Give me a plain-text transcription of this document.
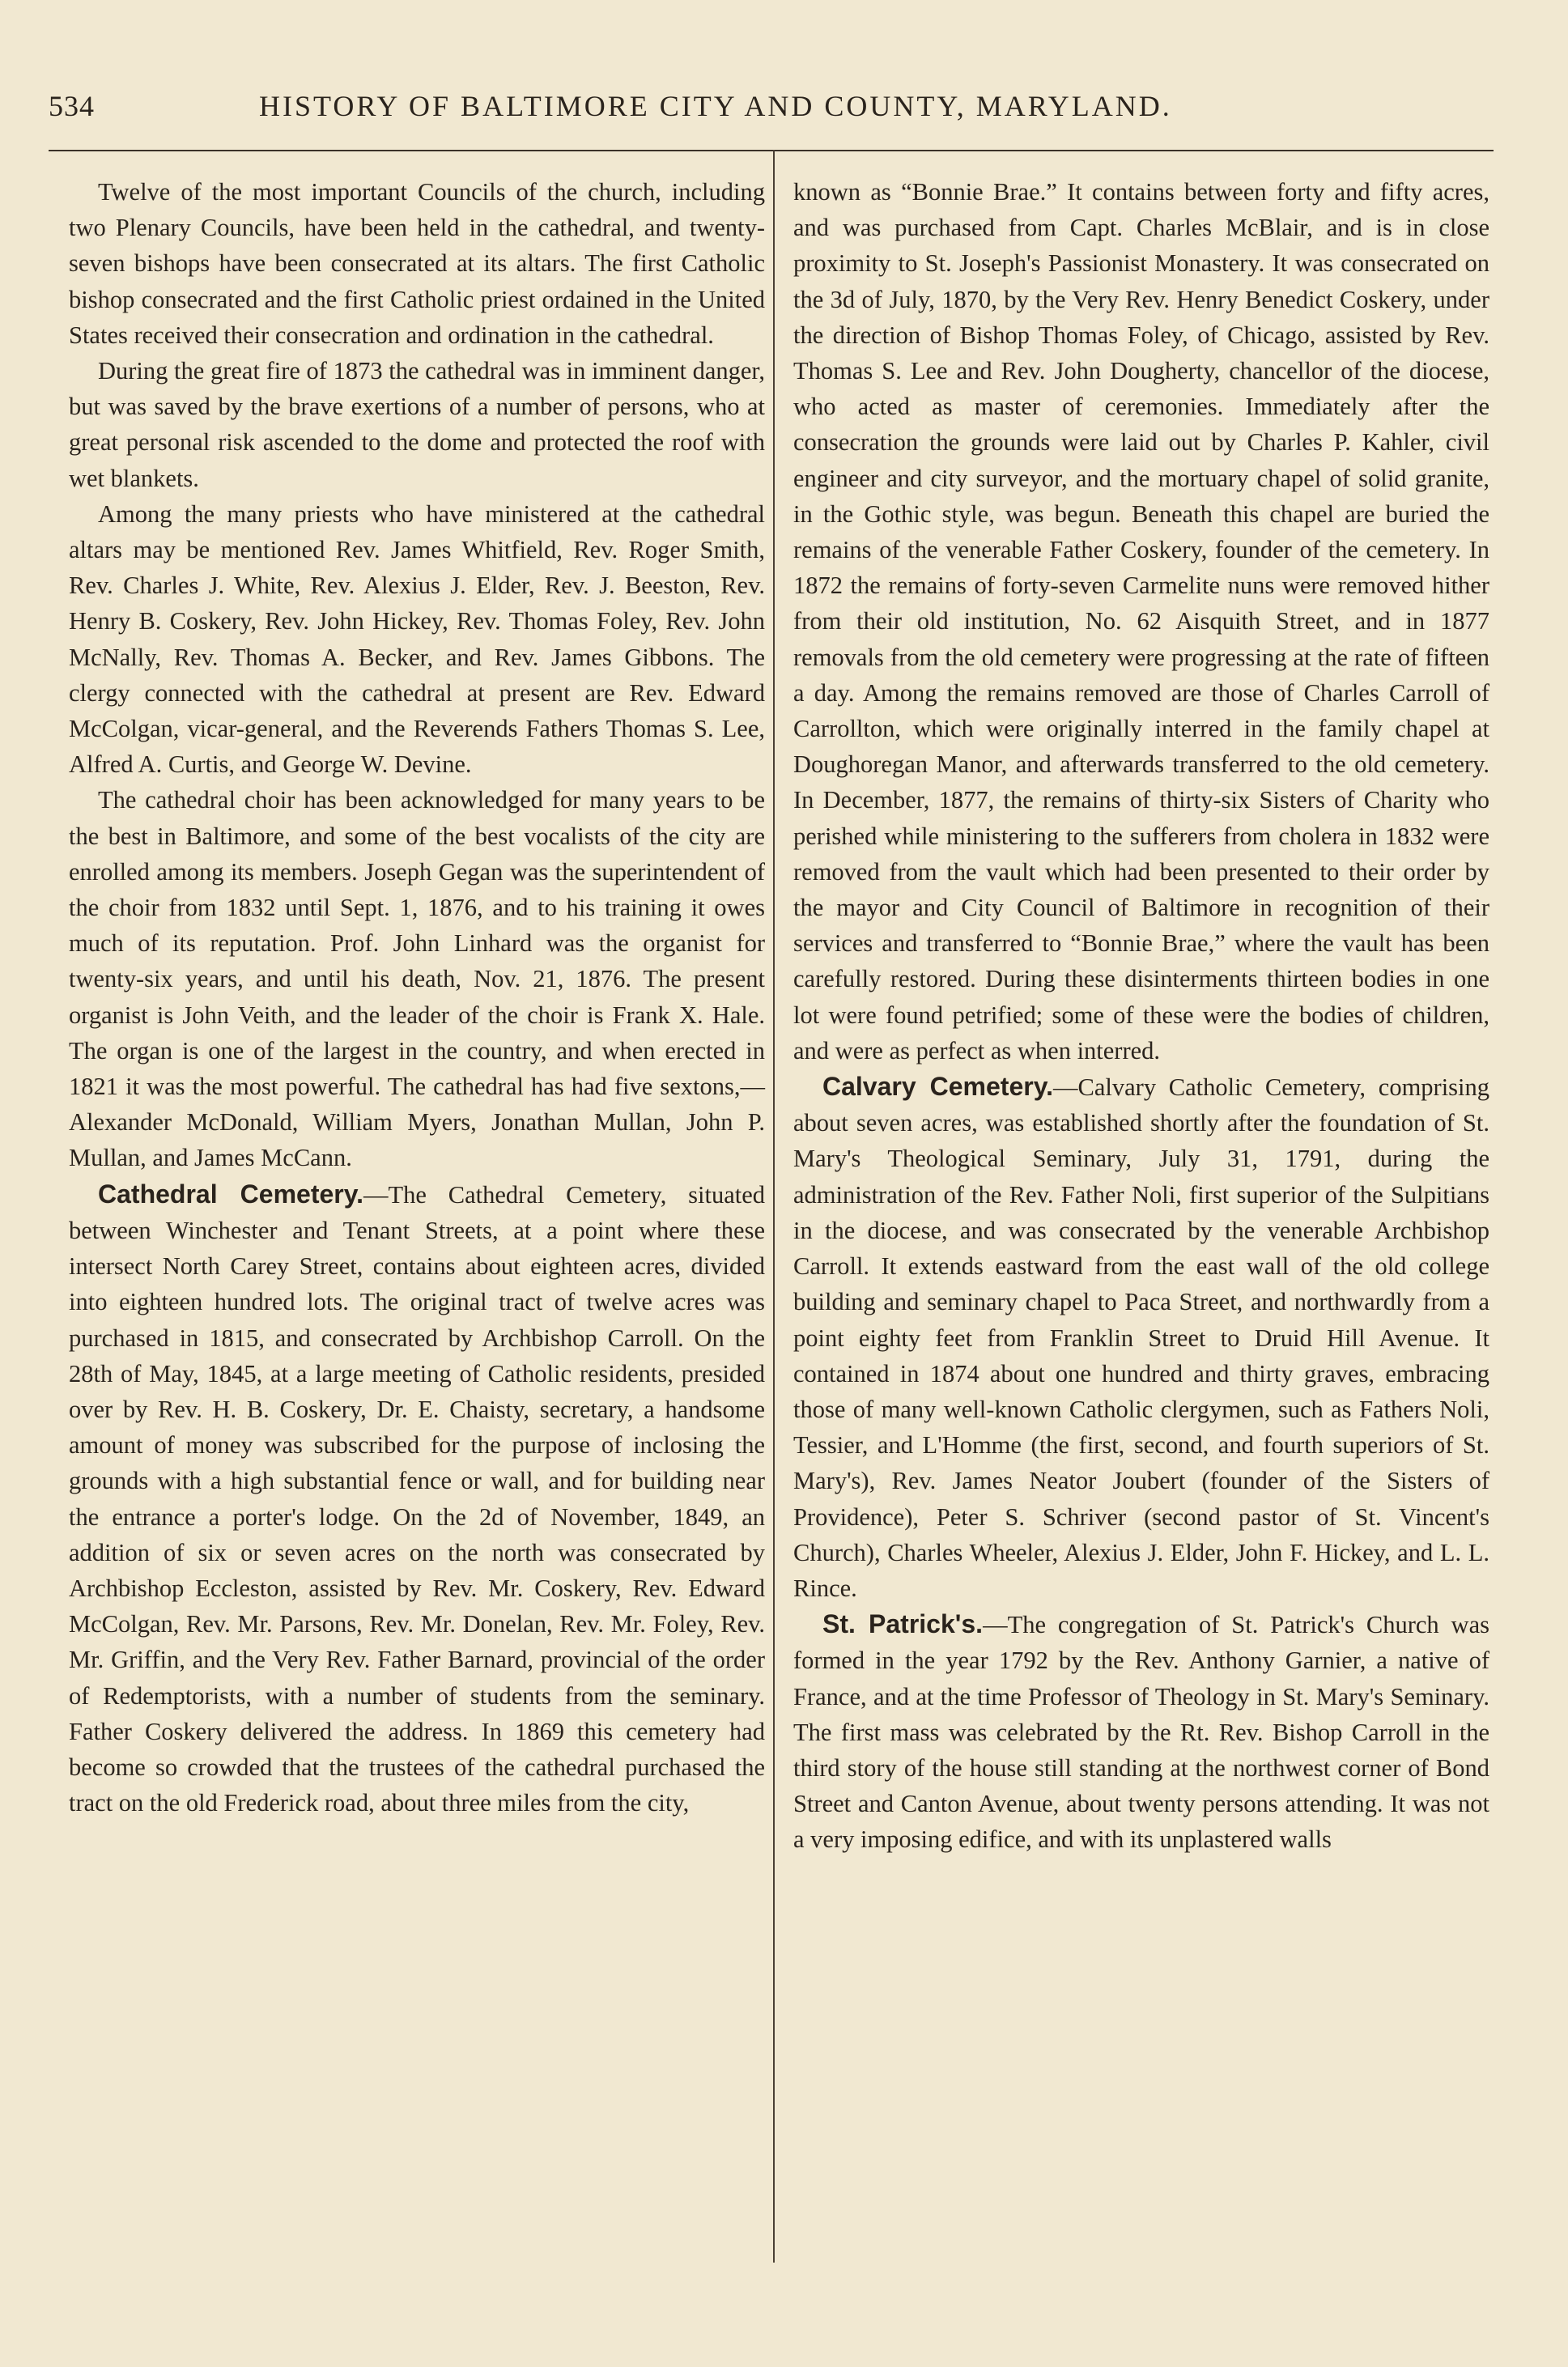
534	HISTORY OF BALTIMORE CITY AND COUNTY, MARYLAND.

Twelve of the most important Councils of the church, including two Plenary Councils, have been held in the cathedral, and twenty-seven bishops have been consecrated at its altars. The first Catholic bishop consecrated and the first Catholic priest ordained in the United States received their consecration and ordination in the cathedral.

During the great fire of 1873 the cathedral was in imminent danger, but was saved by the brave exertions of a number of persons, who at great personal risk ascended to the dome and protected the roof with wet blankets.

Among the many priests who have ministered at the cathedral altars may be mentioned Rev. James Whitfield, Rev. Roger Smith, Rev. Charles J. White, Rev. Alexius J. Elder, Rev. J. Beeston, Rev. Henry B. Coskery, Rev. John Hickey, Rev. Thomas Foley, Rev. John McNally, Rev. Thomas A. Becker, and Rev. James Gibbons. The clergy connected with the cathedral at present are Rev. Edward McColgan, vicar-general, and the Reverends Fathers Thomas S. Lee, Alfred A. Curtis, and George W. Devine.

The cathedral choir has been acknowledged for many years to be the best in Baltimore, and some of the best vocalists of the city are enrolled among its members. Joseph Gegan was the superintendent of the choir from 1832 until Sept. 1, 1876, and to his training it owes much of its reputation. Prof. John Linhard was the organist for twenty-six years, and until his death, Nov. 21, 1876. The present organist is John Veith, and the leader of the choir is Frank X. Hale. The organ is one of the largest in the country, and when erected in 1821 it was the most powerful. The cathedral has had five sextons,—Alexander McDonald, William Myers, Jonathan Mullan, John P. Mullan, and James McCann.

Cathedral Cemetery.—The Cathedral Cemetery, situated between Winchester and Tenant Streets, at a point where these intersect North Carey Street, contains about eighteen acres, divided into eighteen hundred lots. The original tract of twelve acres was purchased in 1815, and consecrated by Archbishop Carroll. On the 28th of May, 1845, at a large meeting of Catholic residents, presided over by Rev. H. B. Coskery, Dr. E. Chaisty, secretary, a handsome amount of money was subscribed for the purpose of inclosing the grounds with a high substantial fence or wall, and for building near the entrance a porter's lodge. On the 2d of November, 1849, an addition of six or seven acres on the north was consecrated by Archbishop Eccleston, assisted by Rev. Mr. Coskery, Rev. Edward McColgan, Rev. Mr. Parsons, Rev. Mr. Donelan, Rev. Mr. Foley, Rev. Mr. Griffin, and the Very Rev. Father Barnard, provincial of the order of Redemptorists, with a number of students from the seminary. Father Coskery delivered the address. In 1869 this cemetery had become so crowded that the trustees of the cathedral purchased the tract on the old Frederick road, about three miles from the city,

known as “Bonnie Brae.” It contains between forty and fifty acres, and was purchased from Capt. Charles McBlair, and is in close proximity to St. Joseph's Passionist Monastery. It was consecrated on the 3d of July, 1870, by the Very Rev. Henry Benedict Coskery, under the direction of Bishop Thomas Foley, of Chicago, assisted by Rev. Thomas S. Lee and Rev. John Dougherty, chancellor of the diocese, who acted as master of ceremonies. Immediately after the consecration the grounds were laid out by Charles P. Kahler, civil engineer and city surveyor, and the mortuary chapel of solid granite, in the Gothic style, was begun. Beneath this chapel are buried the remains of the venerable Father Coskery, founder of the cemetery. In 1872 the remains of forty-seven Carmelite nuns were removed hither from their old institution, No. 62 Aisquith Street, and in 1877 removals from the old cemetery were progressing at the rate of fifteen a day. Among the remains removed are those of Charles Carroll of Carrollton, which were originally interred in the family chapel at Doughoregan Manor, and afterwards transferred to the old cemetery. In December, 1877, the remains of thirty-six Sisters of Charity who perished while ministering to the sufferers from cholera in 1832 were removed from the vault which had been presented to their order by the mayor and City Council of Baltimore in recognition of their services and transferred to “Bonnie Brae,” where the vault has been carefully restored. During these disinterments thirteen bodies in one lot were found petrified; some of these were the bodies of children, and were as perfect as when interred.

Calvary Cemetery.—Calvary Catholic Cemetery, comprising about seven acres, was established shortly after the foundation of St. Mary's Theological Seminary, July 31, 1791, during the administration of the Rev. Father Noli, first superior of the Sulpitians in the diocese, and was consecrated by the venerable Archbishop Carroll. It extends eastward from the east wall of the old college building and seminary chapel to Paca Street, and northwardly from a point eighty feet from Franklin Street to Druid Hill Avenue. It contained in 1874 about one hundred and thirty graves, embracing those of many well-known Catholic clergymen, such as Fathers Noli, Tessier, and L'Homme (the first, second, and fourth superiors of St. Mary's), Rev. James Neator Joubert (founder of the Sisters of Providence), Peter S. Schriver (second pastor of St. Vincent's Church), Charles Wheeler, Alexius J. Elder, John F. Hickey, and L. L. Rince.

St. Patrick's.—The congregation of St. Patrick's Church was formed in the year 1792 by the Rev. Anthony Garnier, a native of France, and at the time Professor of Theology in St. Mary's Seminary. The first mass was celebrated by the Rt. Rev. Bishop Carroll in the third story of the house still standing at the northwest corner of Bond Street and Canton Avenue, about twenty persons attending. It was not a very imposing edifice, and with its unplastered walls
